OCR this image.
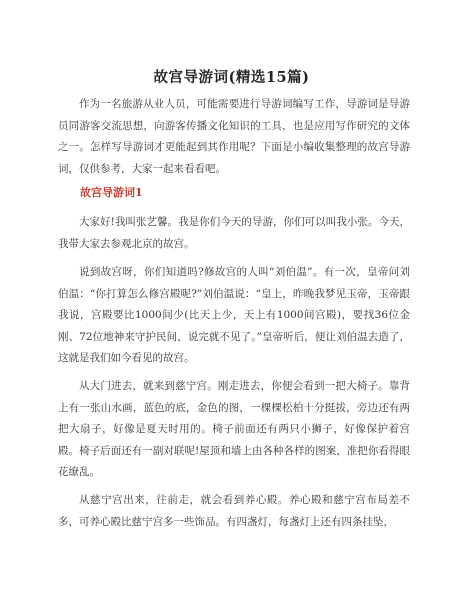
故宫导游词(精选15篇)

作为一名旅游从业人员，可能需要进行导游词编写工作，导游词是导游员同游客交流思想，向游客传播文化知识的工具，也是应用写作研究的文体之一。怎样写导游词才更能起到其作用呢？下面是小编收集整理的故宫导游词，仅供参考，大家一起来看看吧。

故宫导游词1

大家好!我叫张艺馨。我是你们今天的导游，你们可以叫我小张。今天，我带大家去参观北京的故宫。

说到故宫呀，你们知道吗?修故宫的人叫“刘伯温”。有一次，皇帝问刘伯温：“你打算怎么修宫殿呢?”刘伯温说：“皇上，昨晚我梦见玉帝，玉帝跟我说，宫殿要比1000间少(比天上少，天上有1000间宫殿)，要找36位金刚、72位地神来守护民间，说完就不见了。”皇帝听后，便让刘伯温去造了，这就是我们如今看见的故宫。

从大门进去，就来到慈宁宫。刚走进去，你便会看到一把大椅子。靠背上有一张山水画，蓝色的底，金色的图，一棵棵松柏十分挺拔，旁边还有两把大扇子，好像是夏天时用的。椅子前面还有两只小狮子，好像保护着宫殿。椅子后面还有一副对联呢!屋顶和墙上由各种各样的图案，准把你看得眼花缭乱。

从慈宁宫出来，往前走，就会看到养心殿。养心殿和慈宁宫布局差不多，可养心殿比慈宁宫多一些饰品。有四盏灯，每盏灯上还有四条挂坠，
